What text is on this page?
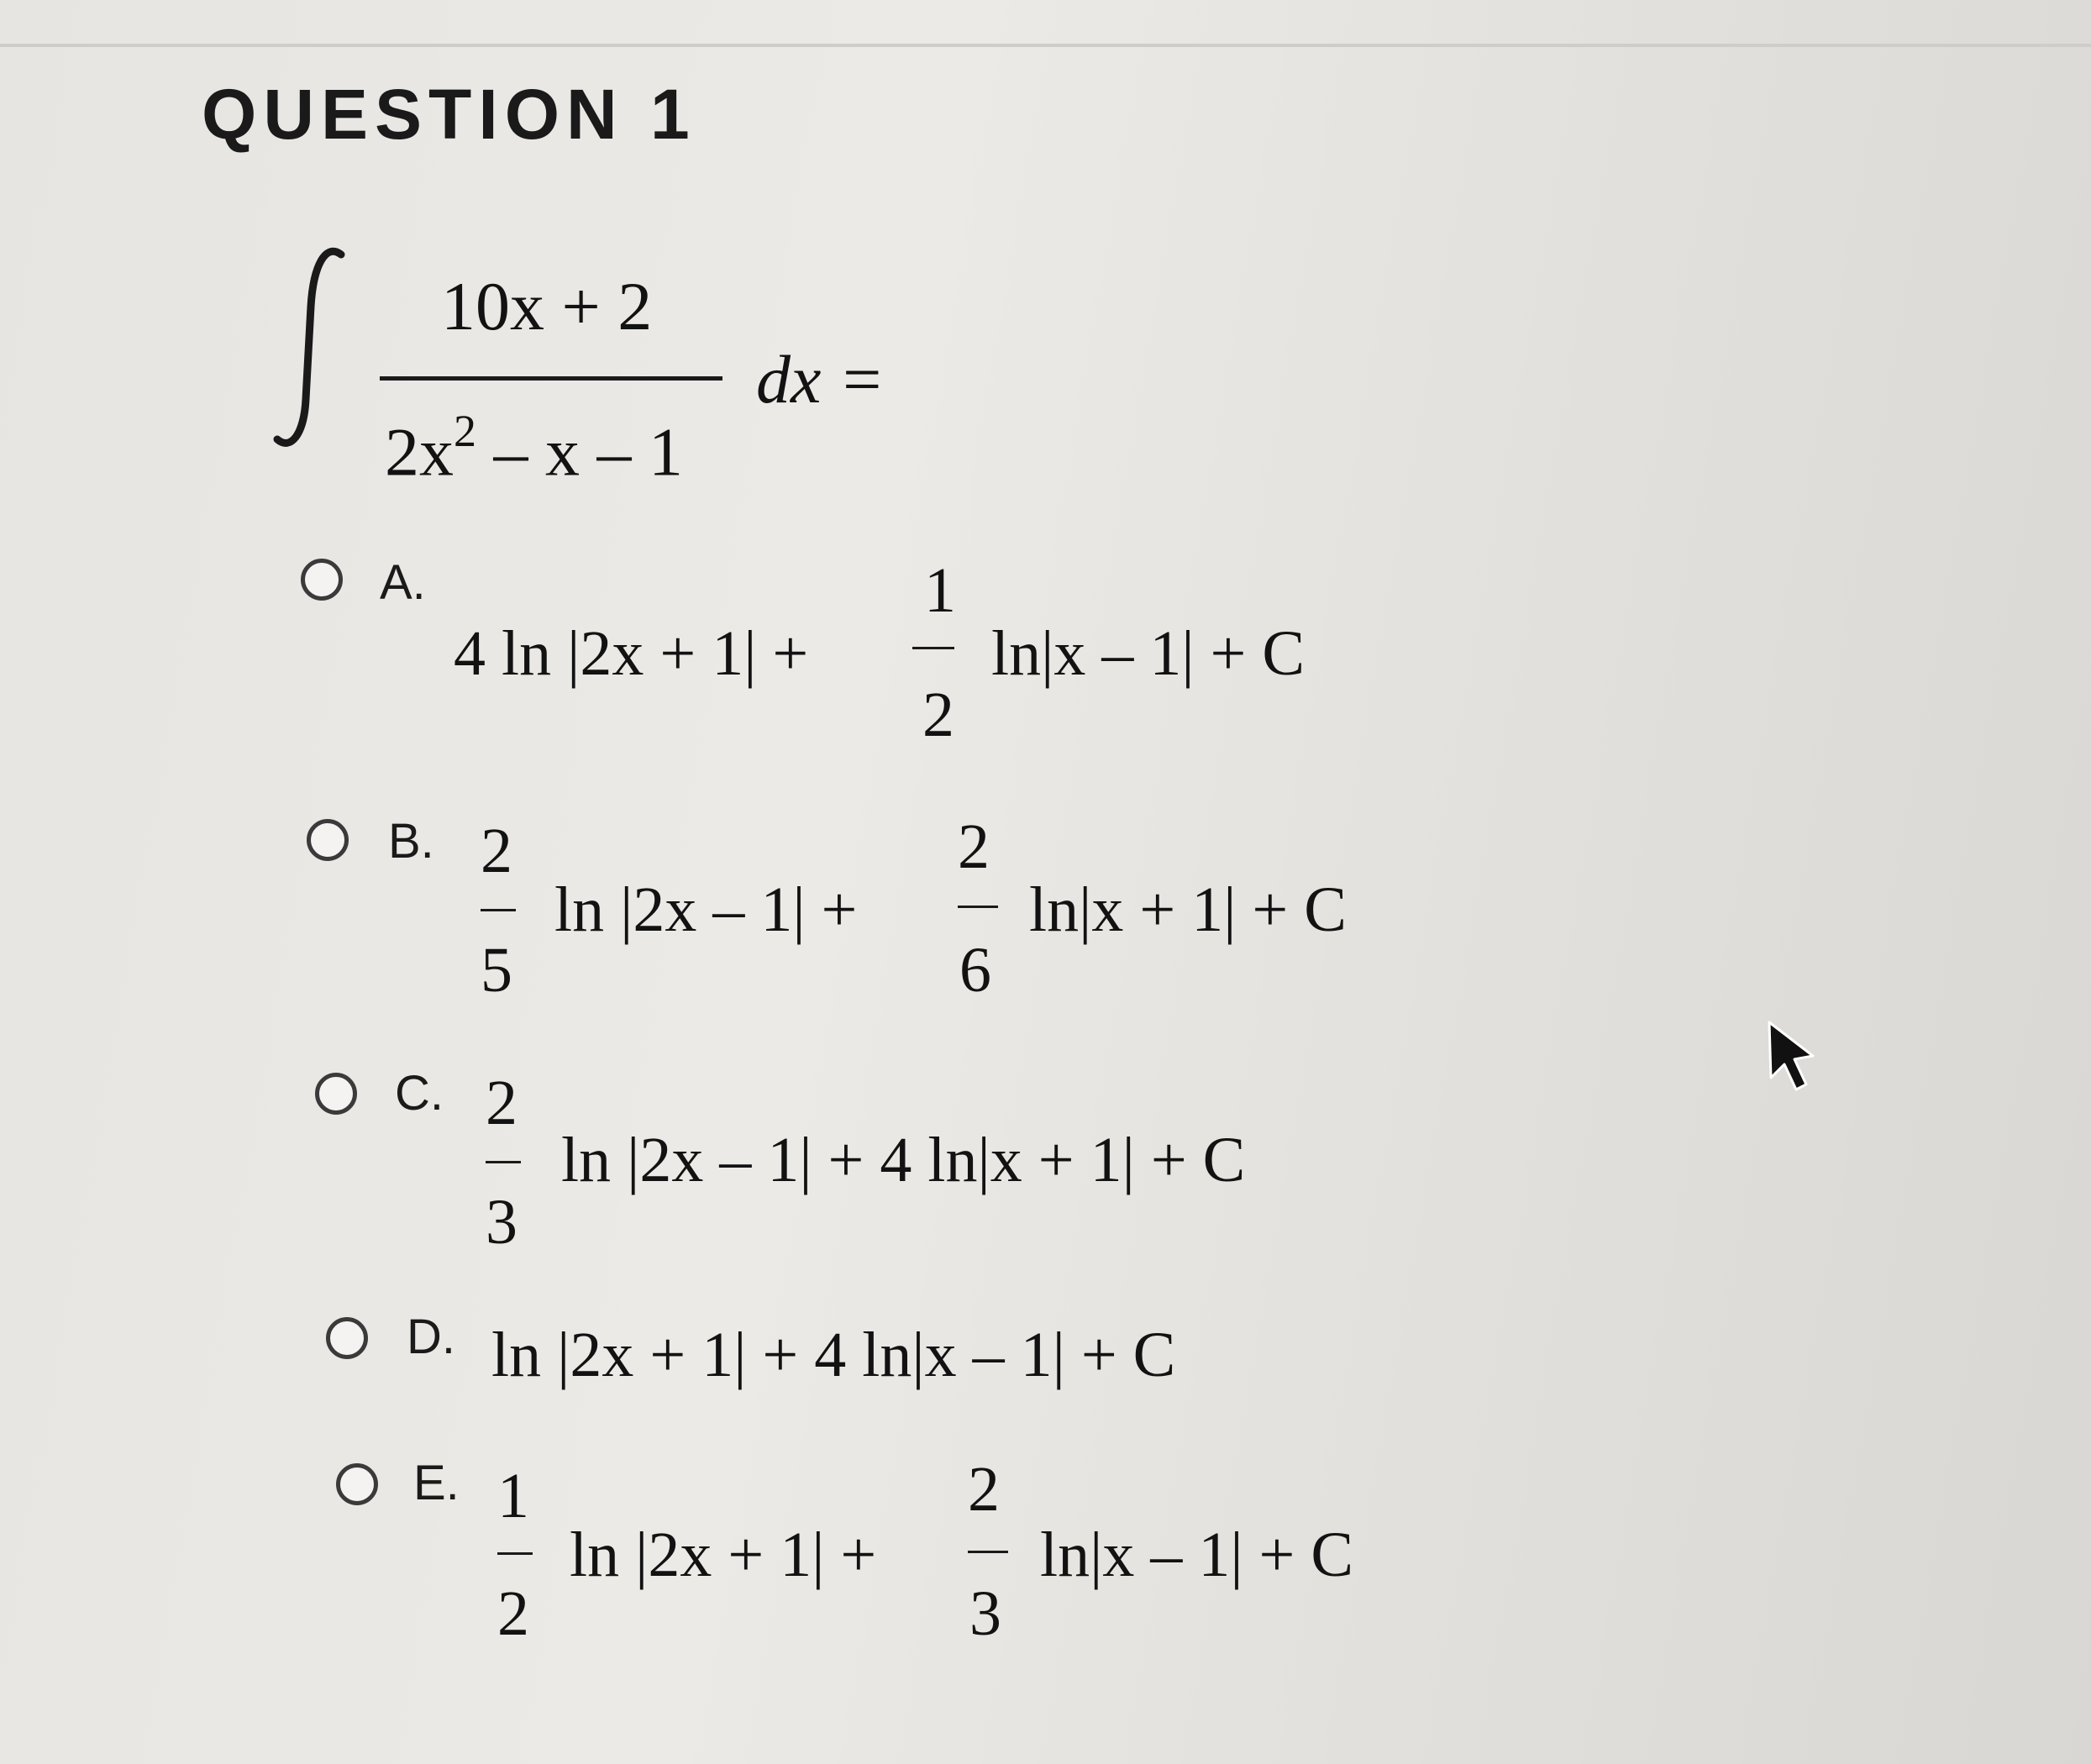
QUESTION 1
10x + 2
$2x^2$ – x – 1
dx =
A.
4 ln |2x + 1| +
1
2
ln|x – 1| + C
B. 2
5
ln |2x – 1| +
2
6
ln|x + 1| + C
C. 2
3
ln |2x – 1| + 4 ln|x + 1| + C
D. ln |2x + 1| + 4 ln|x – 1| + C
E. 1
2
ln |2x + 1| +
2
3
ln|x – 1| + C
